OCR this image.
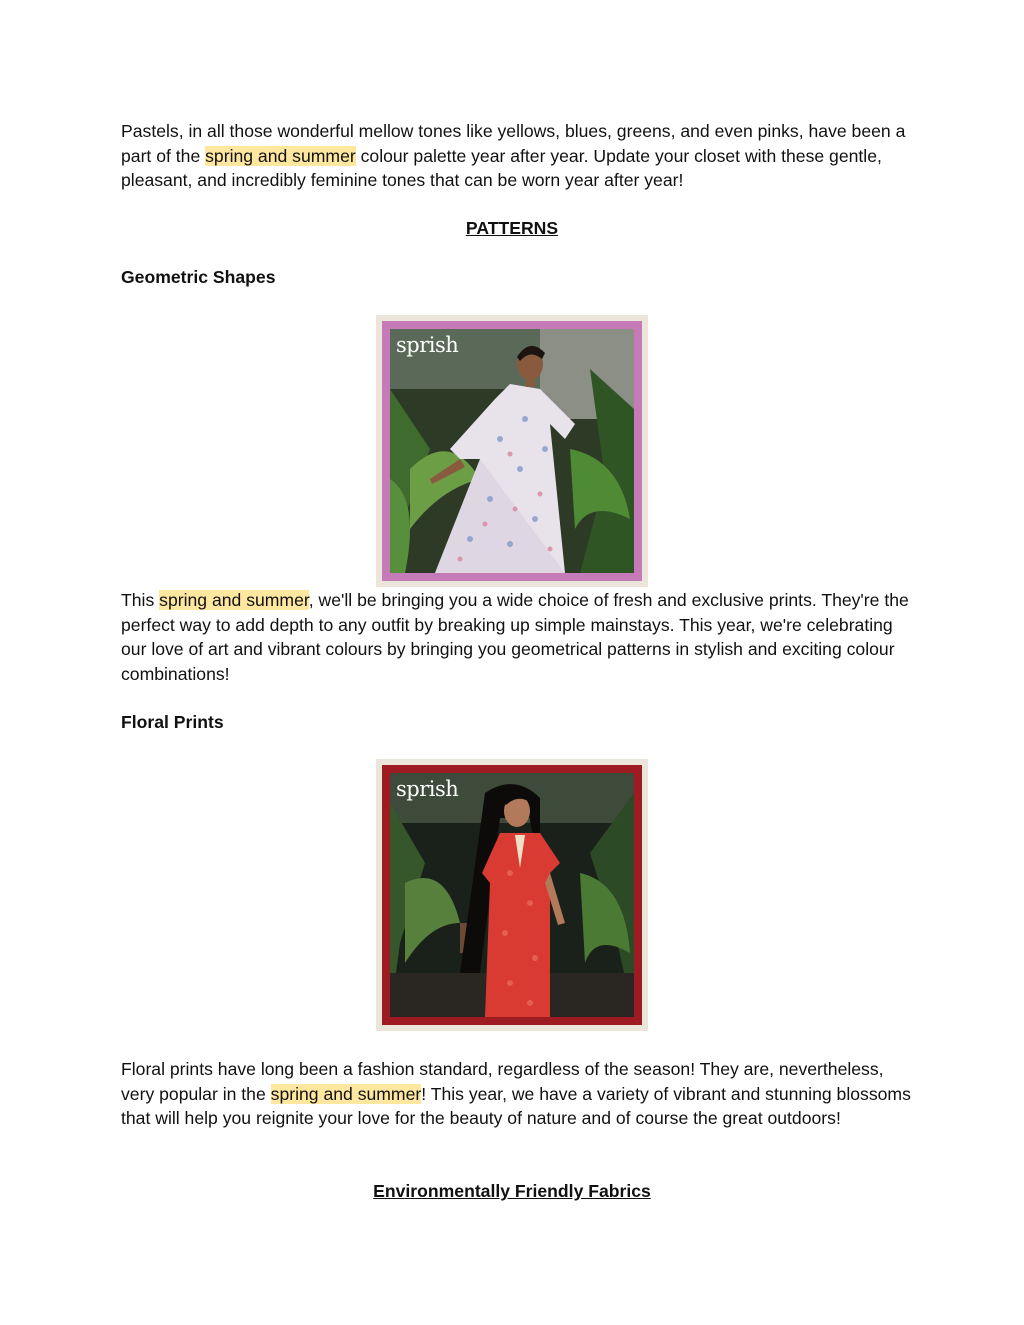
Pastels, in all those wonderful mellow tones like yellows, blues, greens, and even pinks, have been a part of the spring and summer colour palette year after year. Update your closet with these gentle, pleasant, and incredibly feminine tones that can be worn year after year!

PATTERNS

Geometric Shapes

sprish

This spring and summer, we'll be bringing you a wide choice of fresh and exclusive prints. They're the perfect way to add depth to any outfit by breaking up simple mainstays. This year, we're celebrating our love of art and vibrant colours by bringing you geometrical patterns in stylish and exciting colour combinations!

Floral Prints

sprish

Floral prints have long been a fashion standard, regardless of the season! They are, nevertheless, very popular in the spring and summer! This year, we have a variety of vibrant and stunning blossoms that will help you reignite your love for the beauty of nature and of course the great outdoors!

Environmentally Friendly Fabrics
